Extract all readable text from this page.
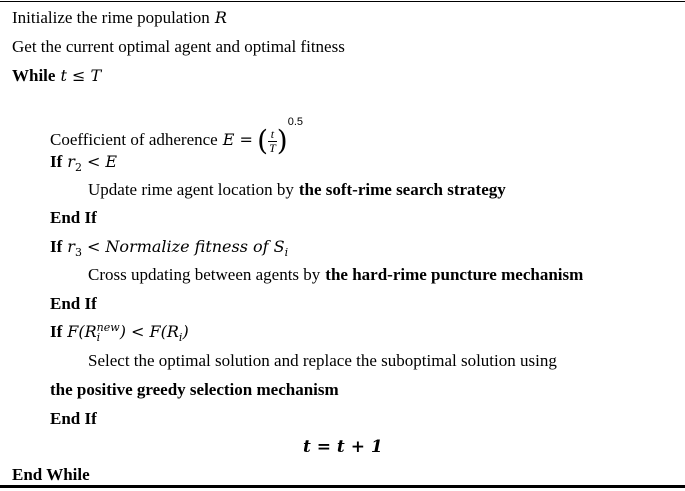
Initialize the rime population R
Get the current optimal agent and optimal fitness
While t ≤ T
Coefficient of adherence E = ( $\frac{t}{T} )^{0.5}$
If $r_2 < E$
Update rime agent location by the soft-rime search strategy
End If
If $r_3$ < Normalize fitness of $S_i$
Cross updating between agents by the hard-rime puncture mechanism
End If
If F(R new
i	) < $F(R_i)$
Select the optimal solution and replace the suboptimal solution using
the positive greedy selection mechanism
End If
t = t + 1
End While
